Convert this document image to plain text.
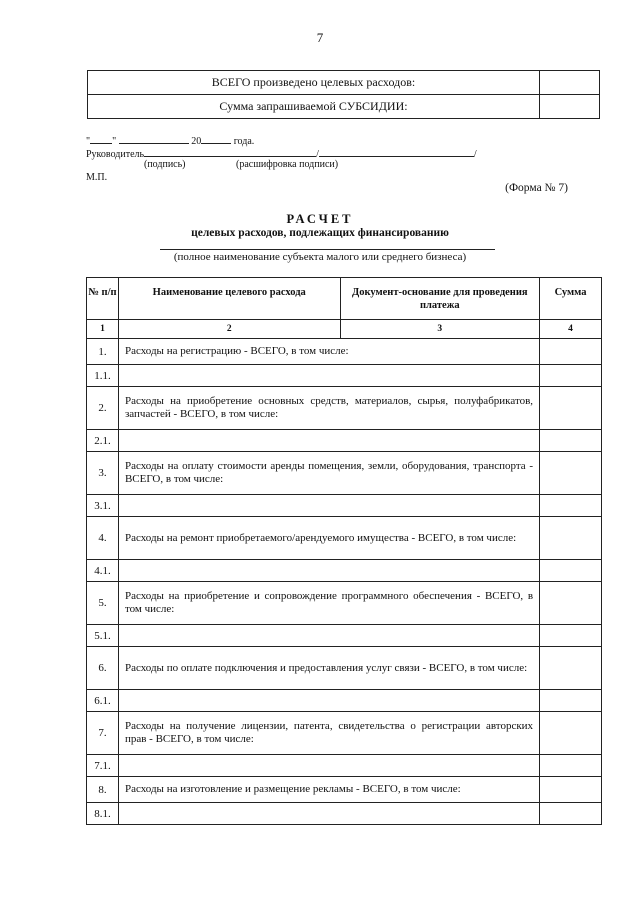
7
ВСЕГО произведено целевых расходов:	
Сумма запрашиваемой СУБСИДИИ:	
" "	20	года.
Руководитель	/	/
(подпись)	(расшифровка подписи)
М.П.
(Форма № 7)
РАСЧЕТ
целевых расходов, подлежащих финансированию
(полное наименование субъекта малого или среднего бизнеса)
№ п/п	Наименование целевого расхода	Документ-основание для проведения платежа	Сумма
1	2	3	4
1.	Расходы на регистрацию - ВСЕГО, в том числе:		
1.1.			
2.	Расходы на приобретение основных средств, материалов, сырья, полуфабрикатов, запчастей - ВСЕГО, в том числе:		
2.1.			
3.	Расходы на оплату стоимости аренды помещения, земли, оборудования, транспорта - ВСЕГО, в том числе:		
3.1.			
4.	Расходы на ремонт приобретаемого/арендуемого имущества - ВСЕГО, в том числе:		
4.1.			
5.	Расходы на приобретение и сопровождение программного обеспечения - ВСЕГО, в том числе:		
5.1.			
6.	Расходы по оплате подключения и предоставления услуг связи - ВСЕГО, в том числе:		
6.1.			
7.	Расходы на получение лицензии, патента, свидетельства о регистрации авторских прав - ВСЕГО, в том числе:		
7.1.			
8.	Расходы на изготовление и размещение рекламы - ВСЕГО, в том числе:		
8.1.			
